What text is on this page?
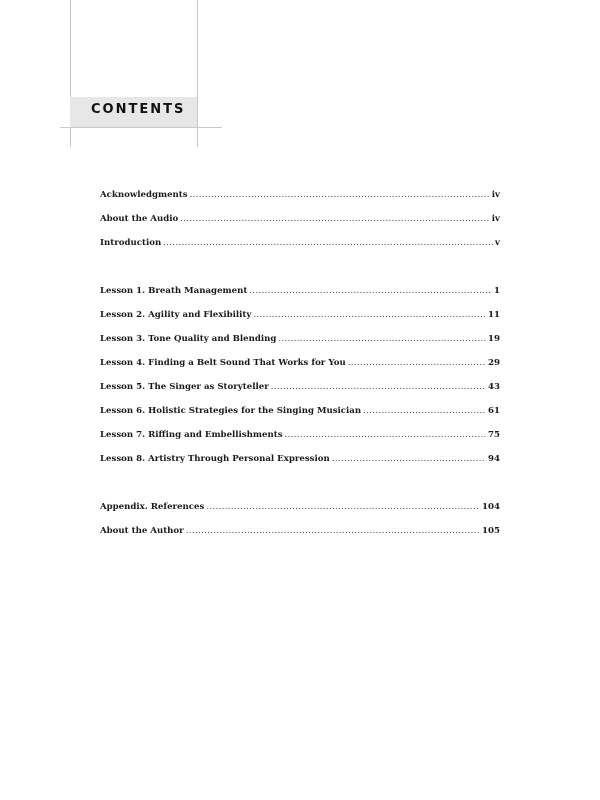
CONTENTS
Acknowledgments . . .	iv
About the Audio . . .	iv
Introduction . . .	v
Lesson 1. Breath Management . . .	1
Lesson 2. Agility and Flexibility . . .	11
Lesson 3. Tone Quality and Blending . . .	19
Lesson 4. Finding a Belt Sound That Works for You . . .	29
Lesson 5. The Singer as Storyteller . . .	43
Lesson 6. Holistic Strategies for the Singing Musician . . .	61
Lesson 7. Riffing and Embellishments . . .	75
Lesson 8. Artistry Through Personal Expression . . .	94
Appendix. References . . .	104
About the Author . . .	105
